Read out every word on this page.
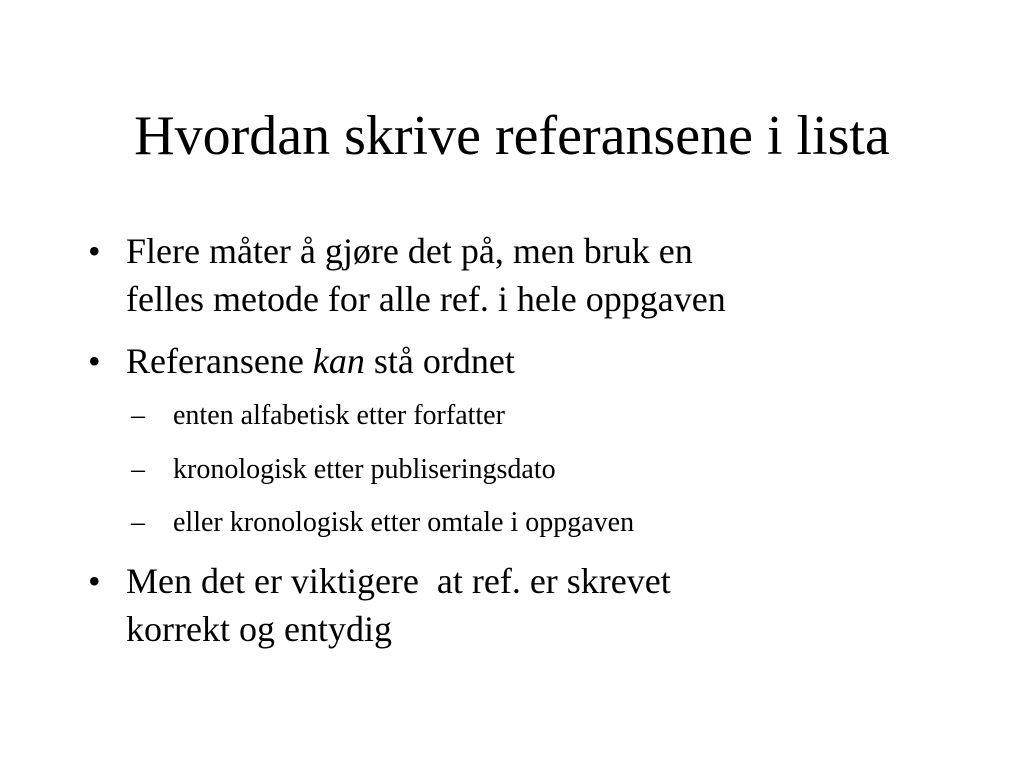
Hvordan skrive referansene i lista
• Flere måter å gjøre det på, men bruk en
felles metode for alle ref. i hele oppgaven
• Referansene kan stå ordnet
– enten alfabetisk etter forfatter
– kronologisk etter publiseringsdato
– eller kronologisk etter omtale i oppgaven
• Men det er viktigere  at ref. er skrevet
korrekt og entydig
